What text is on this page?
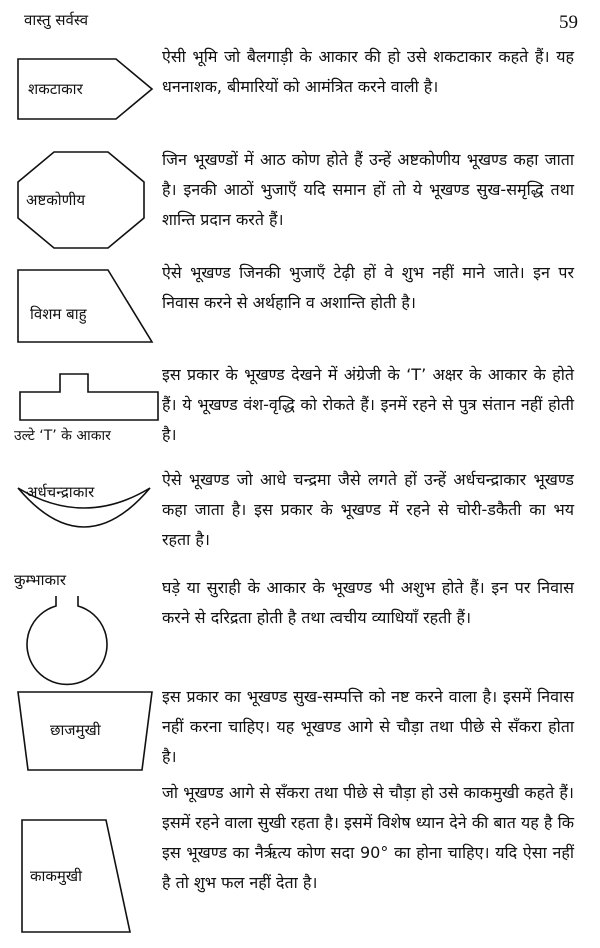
वास्तु सर्वस्व	59
शकटाकार

ऐसी भूमि जो बैलगाड़ी के आकार की हो उसे शकटाकार कहते हैं। यह धननाशक, बीमारियों को आमंत्रित करने वाली है।

अष्टकोणीय

जिन भूखण्डों में आठ कोण होते हैं उन्हें अष्टकोणीय भूखण्ड कहा जाता है। इनकी आठों भुजाएँ यदि समान हों तो ये भूखण्ड सुख-समृद्धि तथा शान्ति प्रदान करते हैं।

विशम बाहु

ऐसे भूखण्ड जिनकी भुजाएँ टेढ़ी हों वे शुभ नहीं माने जाते। इन पर निवास करने से अर्थहानि व अशान्ति होती है।

उल्टे ‘T’ के आकार

इस प्रकार के भूखण्ड देखने में अंग्रेजी के ‘T’ अक्षर के आकार के होते हैं। ये भूखण्ड वंश-वृद्धि को रोकते हैं। इनमें रहने से पुत्र संतान नहीं होती है।

अर्धचन्द्राकार

ऐसे भूखण्ड जो आधे चन्द्रमा जैसे लगते हों उन्हें अर्धचन्द्राकार भूखण्ड कहा जाता है। इस प्रकार के भूखण्ड में रहने से चोरी-डकैती का भय रहता है।

कुम्भाकार	घड़े या सुराही के आकार के भूखण्ड भी अशुभ होते हैं। इन पर निवास करने से दरिद्रता होती है तथा त्वचीय व्याधियाँ रहती हैं।

छाजमुखी

इस प्रकार का भूखण्ड सुख-सम्पत्ति को नष्ट करने वाला है। इसमें निवास नहीं करना चाहिए। यह भूखण्ड आगे से चौड़ा तथा पीछे से सँकरा होता है।

काकमुखी

जो भूखण्ड आगे से सँकरा तथा पीछे से चौड़ा हो उसे काकमुखी कहते हैं। इसमें रहने वाला सुखी रहता है। इसमें विशेष ध्यान देने की बात यह है कि इस भूखण्ड का नैर्ऋत्य कोण सदा 90° का होना चाहिए। यदि ऐसा नहीं है तो शुभ फल नहीं देता है।
